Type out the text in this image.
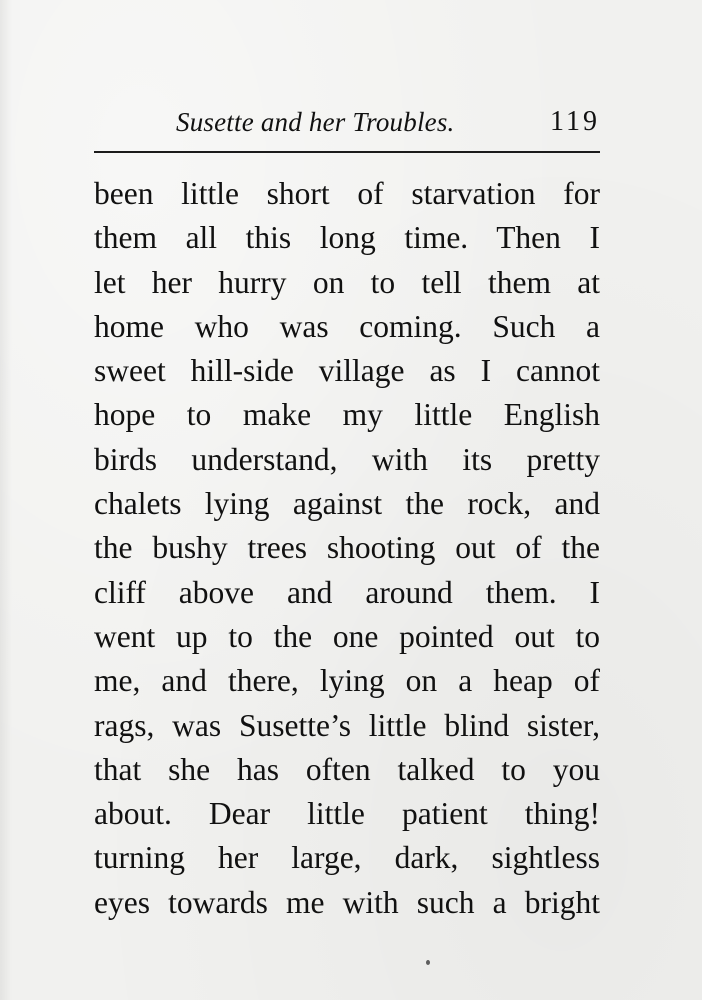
Susette and her Troubles.	119
been little short of starvation for
them all this long time. Then I
let her hurry on to tell them at
home who was coming. Such a
sweet hill-side village as I cannot
hope to make my little English
birds understand, with its pretty
chalets lying against the rock, and
the bushy trees shooting out of the
cliff above and around them. I
went up to the one pointed out to
me, and there, lying on a heap of
rags, was Susette’s little blind sister,
that she has often talked to you
about. Dear little patient thing!
turning her large, dark, sightless
eyes towards me with such a bright
